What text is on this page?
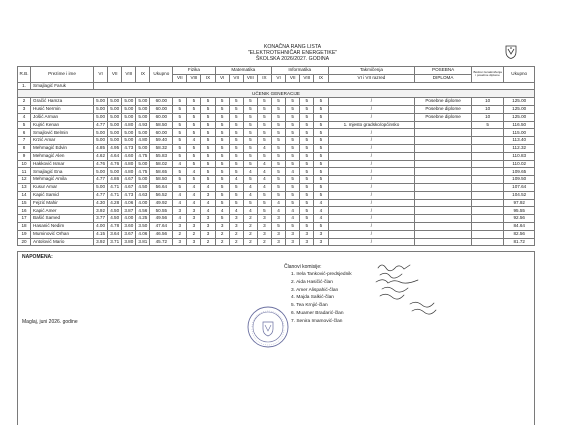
KONAČNA RANG LISTA
"ELEKTROTEHNIČAR ENERGETIKE"
ŠKOLSKA 2026/2027. GODINA
R.B.	Prezime i ime	VI	VII	VIII	IX	Ukupno	Fizika			Matematika				Informatika				Takmičenja	POSEBNA	Bodovi za takmičenja i posebne diplome	Ukupno
							VII	VIII	IX	VI	VII	VIII	IX	VI	VII	VIII	IX	VI i VII razred	DIPLOMA		
1.	Smajlagić Faruk																				
UČENIK GENERACIJE																					
2	Gračić Hamza	5.00	5.00	5.00	5.00	60.00	5	5	5	5	5	5	5	5	5	5	5	/	Posebne diplome	10	125.00
3	Husić Nermin	5.00	5.00	5.00	5.00	60.00	5	5	5	5	5	5	5	5	5	5	5	/	Posebne diplome	10	125.00
4	Jošić Arman	5.00	5.00	5.00	5.00	60.00	5	5	5	5	5	5	5	5	5	5	5	/	Posebne diplome	10	125.00
5	Kujrić Kenan	4.77	5.00	4.80	4.93	58.50	5	5	5	5	5	5	5	5	5	5	5	1. mjesto gradsko/općinsko		5	116.50
6	Smajlović Belmin	5.00	5.00	5.00	5.00	60.00	5	5	5	5	5	5	5	5	5	5	5	/			115.00
7	Krzić Amar	5.00	5.00	5.00	4.80	59.40	5	4	5	5	5	5	5	5	5	5	5	/			113.40
8	Mehmagić Edvin	4.85	4.95	4.73	5.00	58.32	5	5	5	5	5	5	4	5	5	5	5	/			112.32
9	Mehmagić Alen	4.62	4.64	4.60	4.75	55.83	5	5	5	5	5	5	5	5	5	5	5	/			110.83
10	Hakković Ismar	4.76	4.76	4.80	5.00	58.02	4	5	5	5	5	5	4	5	5	5	5	/			110.02
11	Smajlagić Ena	5.00	5.00	4.80	4.75	58.65	5	4	5	5	5	4	4	5	4	5	5	/			109.65
12	Mehmagić Amila	4.77	4.86	4.67	5.00	58.50	5	5	5	5	4	5	4	5	5	5	5	/			109.50
13	Kusur Amar	5.00	4.71	4.67	4.50	56.64	5	4	4	5	5	4	4	5	5	5	5	/			107.64
14	Kapić Samid	4.77	4.71	4.73	4.63	56.52	4	4	3	5	5	4	5	5	5	5	5	/			104.52
15	Fejzić Mahir	4.30	4.28	4.06	4.00	49.92	4	4	4	5	5	5	5	4	5	5	4	/			97.92
16	Kapić Amer	3.92	4.50	3.87	4.56	50.55	3	3	4	4	4	4	5	4	4	5	4	/			95.55
17	Bašić Samed	3.77	4.50	4.00	4.25	49.56	4	3	3	5	3	2	3	3	4	5	4	/			92.56
18	Hasanić Nedim	4.00	4.78	3.60	3.50	47.64	3	3	3	3	3	2	3	5	5	5	5	/			84.64
19	Muminović Orhan	4.15	3.64	3.67	4.06	46.56	2	2	3	2	2	2	3	3	3	3	3	/			82.56
20	Antolović Mario	3.92	3.71	3.80	3.81	45.72	3	3	2	2	2	2	2	3	3	3	3	/			81.72
NAPOMENA:
Maglaj, juni 2026. godine
Članovi komisije:
1. Irela Tanković-predsjednik
2. Aida Hasičić-član
3. Amer Alispahić-član
4. Majda Salkić-član
5. Tea Krnjić-član
6. Muamer Bradarić-član
7. Senira Imamović-član
